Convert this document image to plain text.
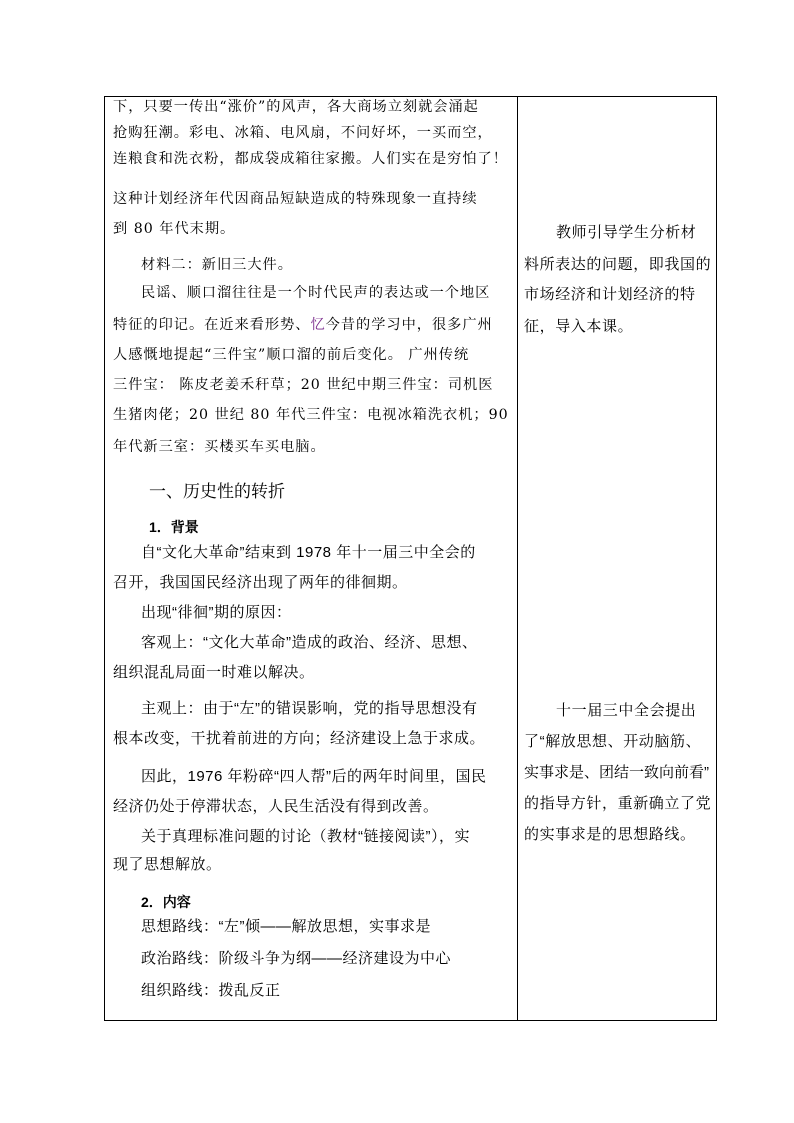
下，只要一传出“涨价”的风声，各大商场立刻就会涌起
抢购狂潮。彩电、冰箱、电风扇，不问好坏，一买而空，
连粮食和洗衣粉，都成袋成箱往家搬。人们实在是穷怕了！
这种计划经济年代因商品短缺造成的特殊现象一直持续
到 80 年代末期。
材料二：新旧三大件。
民谣、顺口溜往往是一个时代民声的表达或一个地区
特征的印记。在近来看形势、忆今昔的学习中，很多广州
人感慨地提起“三件宝”顺口溜的前后变化。 广州传统
三件宝： 陈皮老姜禾秆草；20 世纪中期三件宝：司机医
生猪肉佬；20 世纪 80 年代三件宝：电视冰箱洗衣机；90
年代新三室：买楼买车买电脑。
一、历史性的转折
1．背景
自“文化大革命”结束到 1978 年十一届三中全会的
召开，我国国民经济出现了两年的徘徊期。
出现“徘徊”期的原因：
客观上：“文化大革命”造成的政治、经济、思想、
组织混乱局面一时难以解决。
主观上：由于“左”的错误影响，党的指导思想没有
根本改变，干扰着前进的方向；经济建设上急于求成。
因此，1976 年粉碎“四人帮”后的两年时间里，国民
经济仍处于停滞状态，人民生活没有得到改善。
关于真理标准问题的讨论（教材“链接阅读”），实
现了思想解放。
2．内容
思想路线：“左”倾——解放思想，实事求是
政治路线：阶级斗争为纲——经济建设为中心
组织路线：拨乱反正
教师引导学生分析材
料所表达的问题，即我国的
市场经济和计划经济的特
征，导入本课。
十一届三中全会提出
了“解放思想、开动脑筋、
实事求是、团结一致向前看”
的指导方针，重新确立了党
的实事求是的思想路线。
